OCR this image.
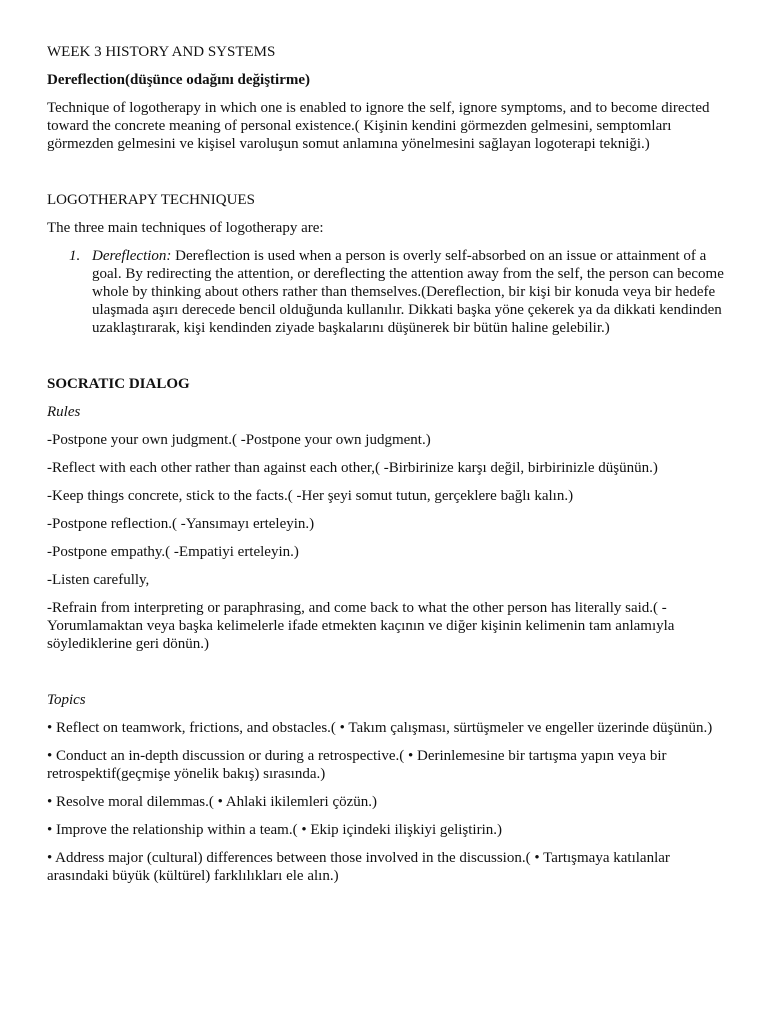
WEEK 3 HISTORY AND SYSTEMS

Dereflection(düşünce odağını değiştirme)

Technique of logotherapy in which one is enabled to ignore the self, ignore symptoms, and to become directed toward the concrete meaning of personal existence.( Kişinin kendini görmezden gelmesini, semptomları görmezden gelmesini ve kişisel varoluşun somut anlamına yönelmesini sağlayan logoterapi tekniği.)

LOGOTHERAPY TECHNIQUES

The three main techniques of logotherapy are:

1. Dereflection: Dereflection is used when a person is overly self-absorbed on an issue or attainment of a goal. By redirecting the attention, or dereflecting the attention away from the self, the person can become whole by thinking about others rather than themselves.(Dereflection, bir kişi bir konuda veya bir hedefe ulaşmada aşırı derecede bencil olduğunda kullanılır. Dikkati başka yöne çekerek ya da dikkati kendinden uzaklaştırarak, kişi kendinden ziyade başkalarını düşünerek bir bütün haline gelebilir.)

SOCRATIC DIALOG

Rules

-Postpone your own judgment.( -Postpone your own judgment.)

-Reflect with each other rather than against each other,( -Birbirinize karşı değil, birbirinizle düşünün.)

-Keep things concrete, stick to the facts.( -Her şeyi somut tutun, gerçeklere bağlı kalın.)

-Postpone reflection.( -Yansımayı erteleyin.)

-Postpone empathy.( -Empatiyi erteleyin.)

-Listen carefully,

-Refrain from interpreting or paraphrasing, and come back to what the other person has literally said.( - Yorumlamaktan veya başka kelimelerle ifade etmekten kaçının ve diğer kişinin kelimenin tam anlamıyla söylediklerine geri dönün.)

Topics

• Reflect on teamwork, frictions, and obstacles.( • Takım çalışması, sürtüşmeler ve engeller üzerinde düşünün.)

• Conduct an in-depth discussion or during a retrospective.( • Derinlemesine bir tartışma yapın veya bir retrospektif(geçmişe yönelik bakış) sırasında.)

• Resolve moral dilemmas.( • Ahlaki ikilemleri çözün.)

• Improve the relationship within a team.( • Ekip içindeki ilişkiyi geliştirin.)

• Address major (cultural) differences between those involved in the discussion.( • Tartışmaya katılanlar arasındaki büyük (kültürel) farklılıkları ele alın.)
